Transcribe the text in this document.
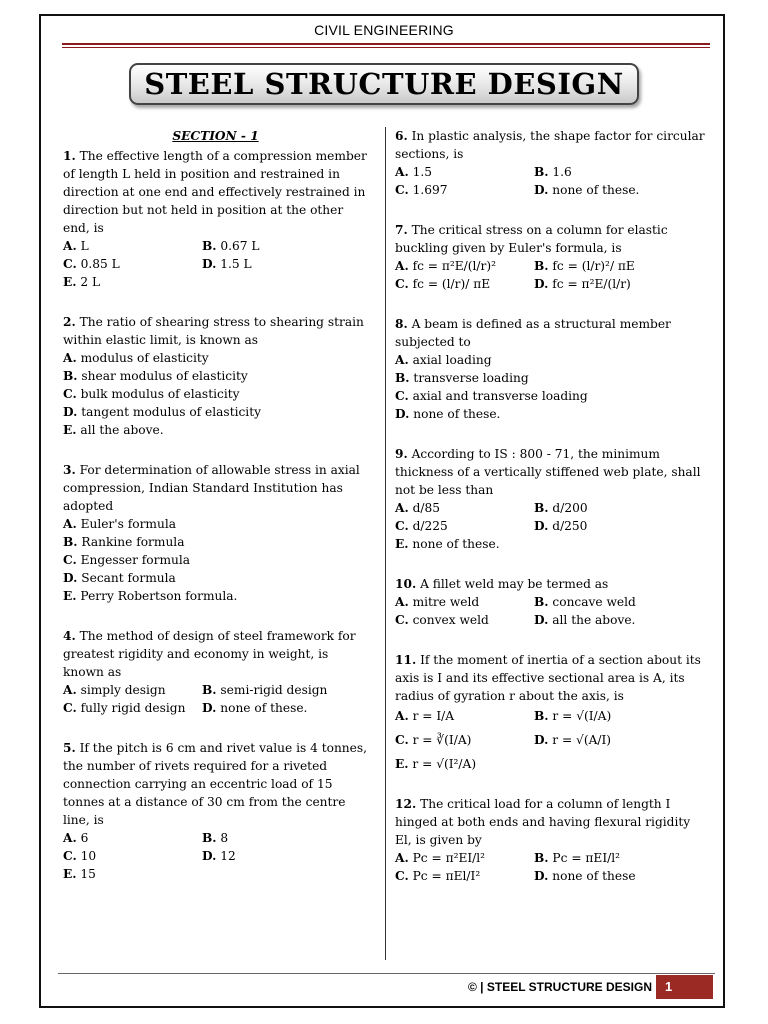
CIVIL ENGINEERING
STEEL STRUCTURE DESIGN
SECTION - 1

1. The effective length of a compression member of length L held in position and restrained in direction at one end and effectively restrained in direction but not held in position at the other end, is

A. L	B. 0.67 L
C. 0.85 L	D. 1.5 L
E. 2 L

2. The ratio of shearing stress to shearing strain within elastic limit, is known as

A. modulus of elasticity
B. shear modulus of elasticity
C. bulk modulus of elasticity
D. tangent modulus of elasticity
E. all the above.

3. For determination of allowable stress in axial compression, Indian Standard Institution has adopted

A. Euler's formula
B. Rankine formula
C. Engesser formula
D. Secant formula
E. Perry Robertson formula.

4. The method of design of steel framework for greatest rigidity and economy in weight, is known as

A. simply design	B. semi-rigid design
C. fully rigid design	D. none of these.

5. If the pitch is 6 cm and rivet value is 4 tonnes, the number of rivets required for a riveted connection carrying an eccentric load of 15 tonnes at a distance of 30 cm from the centre line, is

A. 6	B. 8
C. 10	D. 12
E. 15

6. In plastic analysis, the shape factor for circular sections, is

A. 1.5	B. 1.6
C. 1.697	D. none of these.

7. The critical stress on a column for elastic buckling given by Euler's formula, is

A. fc = π²E/(l/r)²	B. fc = (l/r)²/ πE
C. fc = (l/r)/ πE	D. fc = π²E/(l/r)

8. A beam is defined as a structural member subjected to

A. axial loading
B. transverse loading
C. axial and transverse loading
D. none of these.

9. According to IS : 800 - 71, the minimum thickness of a vertically stiffened web plate, shall not be less than

A. d/85	B. d/200
C. d/225	D. d/250
E. none of these.

10. A fillet weld may be termed as

A. mitre weld	B. concave weld
C. convex weld	D. all the above.

11. If the moment of inertia of a section about its axis is I and its effective sectional area is A, its radius of gyration r about the axis, is

A. r = I/A	B. r = √(I/A)
C. r = ∛(I/A)	D. r = √(A/I)
E. r = √(I²/A)

12. The critical load for a column of length I hinged at both ends and having flexural rigidity El, is given by

A. Pc = π²EI/l²	B. Pc = πEI/l²
C. Pc = πEl/I²	D. none of these
© | STEEL STRUCTURE DESIGN	1
